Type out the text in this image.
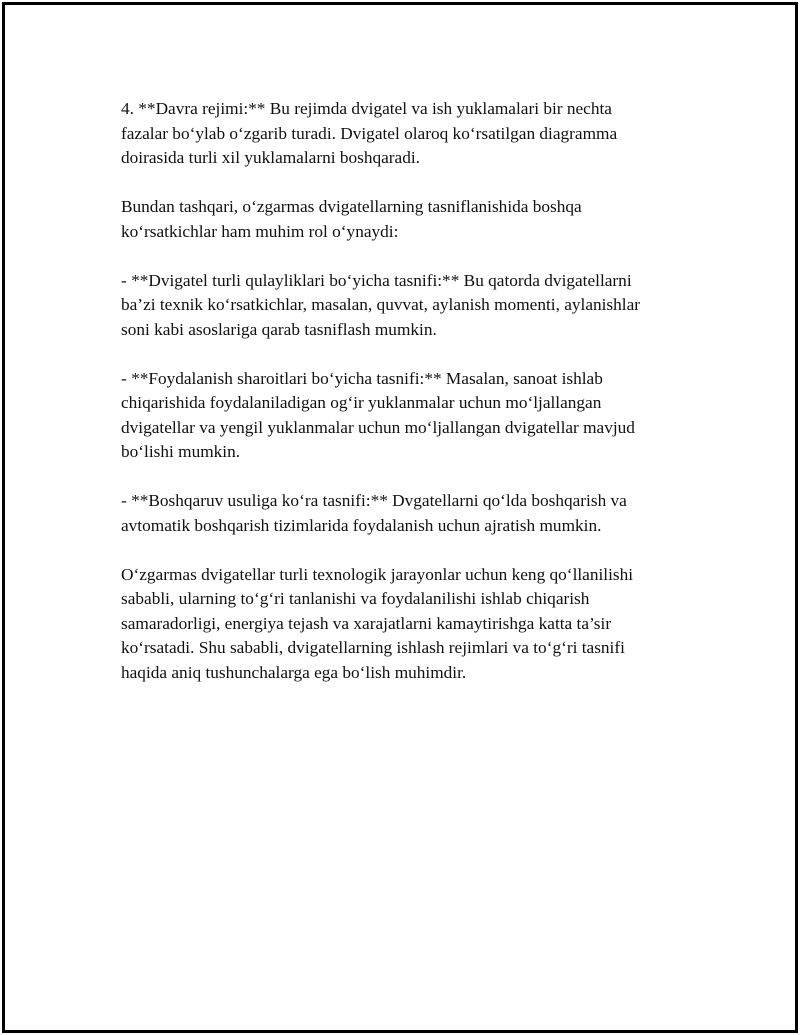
4. **Davra rejimi:** Bu rejimda dvigatel va ish yuklamalari bir nechta
fazalar bo‘ylab o‘zgarib turadi. Dvigatel olaroq ko‘rsatilgan diagramma
doirasida turli xil yuklamalarni boshqaradi.

Bundan tashqari, o‘zgarmas dvigatellarning tasniflanishida boshqa
ko‘rsatkichlar ham muhim rol o‘ynaydi:

- **Dvigatel turli qulayliklari bo‘yicha tasnifi:** Bu qatorda dvigatellarni
ba’zi texnik ko‘rsatkichlar, masalan, quvvat, aylanish momenti, aylanishlar
soni kabi asoslariga qarab tasniflash mumkin.

- **Foydalanish sharoitlari bo‘yicha tasnifi:** Masalan, sanoat ishlab
chiqarishida foydalaniladigan og‘ir yuklanmalar uchun mo‘ljallangan
dvigatellar va yengil yuklanmalar uchun mo‘ljallangan dvigatellar mavjud
bo‘lishi mumkin.

- **Boshqaruv usuliga ko‘ra tasnifi:** Dvgatellarni qo‘lda boshqarish va
avtomatik boshqarish tizimlarida foydalanish uchun ajratish mumkin.

O‘zgarmas dvigatellar turli texnologik jarayonlar uchun keng qo‘llanilishi
sababli, ularning to‘g‘ri tanlanishi va foydalanilishi ishlab chiqarish
samaradorligi, energiya tejash va xarajatlarni kamaytirishga katta ta’sir
ko‘rsatadi. Shu sababli, dvigatellarning ishlash rejimlari va to‘g‘ri tasnifi
haqida aniq tushunchalarga ega bo‘lish muhimdir.
